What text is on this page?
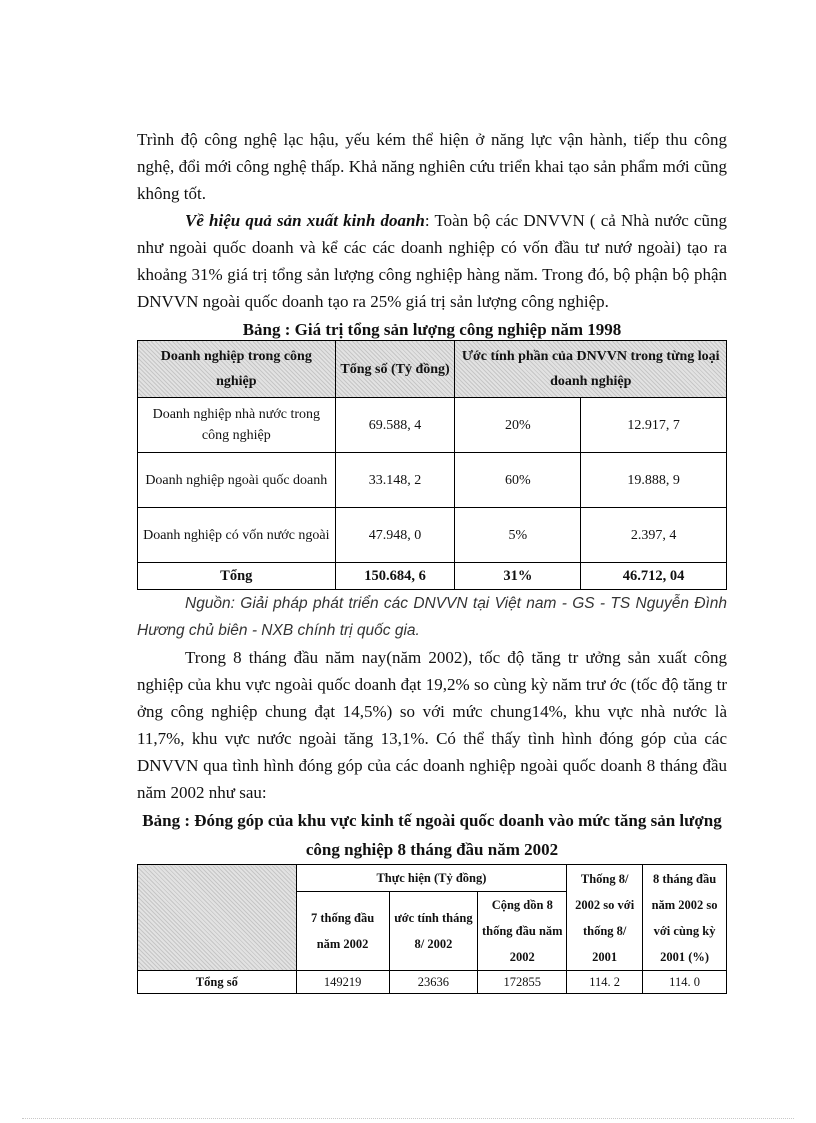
Trình độ công nghệ lạc hậu, yếu kém thể hiện ở năng lực vận hành, tiếp thu công nghệ, đổi mới công nghệ thấp. Khả năng nghiên cứu triển khai tạo sản phẩm mới cũng không tốt.

Về hiệu quả sản xuất kinh doanh: Toàn bộ các DNVVN ( cả Nhà nước cũng như ngoài quốc doanh và kể các các doanh nghiệp có vốn đầu tư nướ ngoài) tạo ra khoảng 31% giá trị tổng sản lượng công nghiệp hàng năm. Trong đó, bộ phận bộ phận DNVVN ngoài quốc doanh tạo ra 25% giá trị sản lượng công nghiệp.

Bảng : Giá trị tổng sản lượng công nghiệp năm 1998
Doanh nghiệp trong công nghiệp	Tổng số (Tỷ đồng)	Ước tính phần của DNVVN trong từng loại doanh nghiệp	
Doanh nghiệp nhà nước trong công nghiệp	69.588, 4	20%	12.917, 7
Doanh nghiệp ngoài quốc doanh	33.148, 2	60%	19.888, 9
Doanh nghiệp có vốn nước ngoài	47.948, 0	5%	2.397, 4
Tổng	150.684, 6	31%	46.712, 04

Nguồn: Giải pháp phát triển các DNVVN tại Việt nam - GS - TS Nguyễn Đình Hương chủ biên - NXB chính trị quốc gia.

Trong 8 tháng đầu năm nay(năm 2002), tốc độ tăng tr ưởng sản xuất công nghiệp của khu vực ngoài quốc doanh đạt 19,2% so cùng kỳ năm trư ớc (tốc độ tăng tr ởng công nghiệp chung đạt 14,5%) so với mức chung14%, khu vực nhà nước là 11,7%, khu vực nước ngoài tăng 13,1%. Có thể thấy tình hình đóng góp của các DNVVN qua tình hình đóng góp của các doanh nghiệp ngoài quốc doanh 8 tháng đầu năm 2002 như sau:

Bảng : Đóng góp của khu vực kinh tế ngoài quốc doanh vào mức tăng sản lượng công nghiệp 8 tháng đầu năm 2002
	Thực hiện (Tỷ đồng)			Thống 8/ 2002 so với thống 8/ 2001	8 tháng đầu năm 2002 so với cùng kỳ 2001 (%)
	7 thống đầu năm 2002	ước tính tháng 8/ 2002	Cộng dồn 8 thống đầu năm 2002		
Tổng số	149219	23636	172855	114. 2	114. 0
